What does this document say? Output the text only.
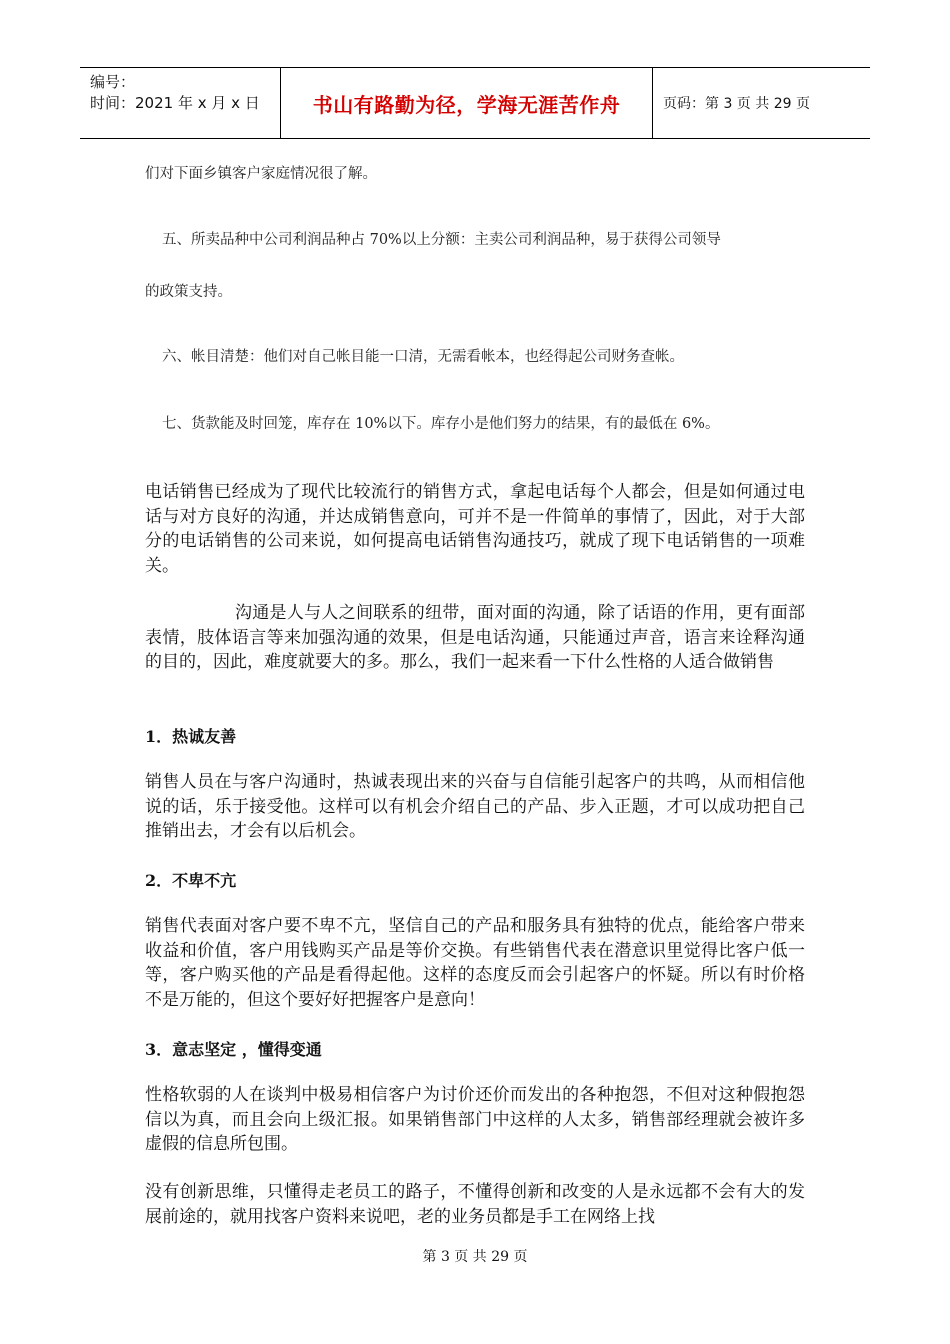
编号：
时间：2021 年 x 月 x 日	书山有路勤为径，学海无涯苦作舟	页码：第 3 页 共 29 页
们对下面乡镇客户家庭情况很了解。
五、所卖品种中公司利润品种占 70%以上分额：主卖公司利润品种，易于获得公司领导
的政策支持。
六、帐目清楚：他们对自己帐目能一口清，无需看帐本，也经得起公司财务查帐。
七、货款能及时回笼，库存在 10%以下。库存小是他们努力的结果，有的最低在 6%。
电话销售已经成为了现代比较流行的销售方式，拿起电话每个人都会，但是如何通过电话与对方良好的沟通，并达成销售意向，可并不是一件简单的事情了，因此，对于大部分的电话销售的公司来说，如何提高电话销售沟通技巧，就成了现下电话销售的一项难关。
沟通是人与人之间联系的纽带，面对面的沟通，除了话语的作用，更有面部表情，肢体语言等来加强沟通的效果，但是电话沟通，只能通过声音，语言来诠释沟通的目的，因此，难度就要大的多。那么，我们一起来看一下什么性格的人适合做销售
1．热诚友善
销售人员在与客户沟通时，热诚表现出来的兴奋与自信能引起客户的共鸣，从而相信他说的话，乐于接受他。这样可以有机会介绍自己的产品、步入正题，才可以成功把自己推销出去，才会有以后机会。
2．不卑不亢
销售代表面对客户要不卑不亢，坚信自己的产品和服务具有独特的优点，能给客户带来收益和价值，客户用钱购买产品是等价交换。有些销售代表在潜意识里觉得比客户低一等，客户购买他的产品是看得起他。这样的态度反而会引起客户的怀疑。所以有时价格不是万能的，但这个要好好把握客户是意向！
3．意志坚定 ，懂得变通
性格软弱的人在谈判中极易相信客户为讨价还价而发出的各种抱怨，不但对这种假抱怨信以为真，而且会向上级汇报。如果销售部门中这样的人太多，销售部经理就会被许多虚假的信息所包围。
没有创新思维，只懂得走老员工的路子，不懂得创新和改变的人是永远都不会有大的发展前途的，就用找客户资料来说吧，老的业务员都是手工在网络上找
第 3 页 共 29 页
